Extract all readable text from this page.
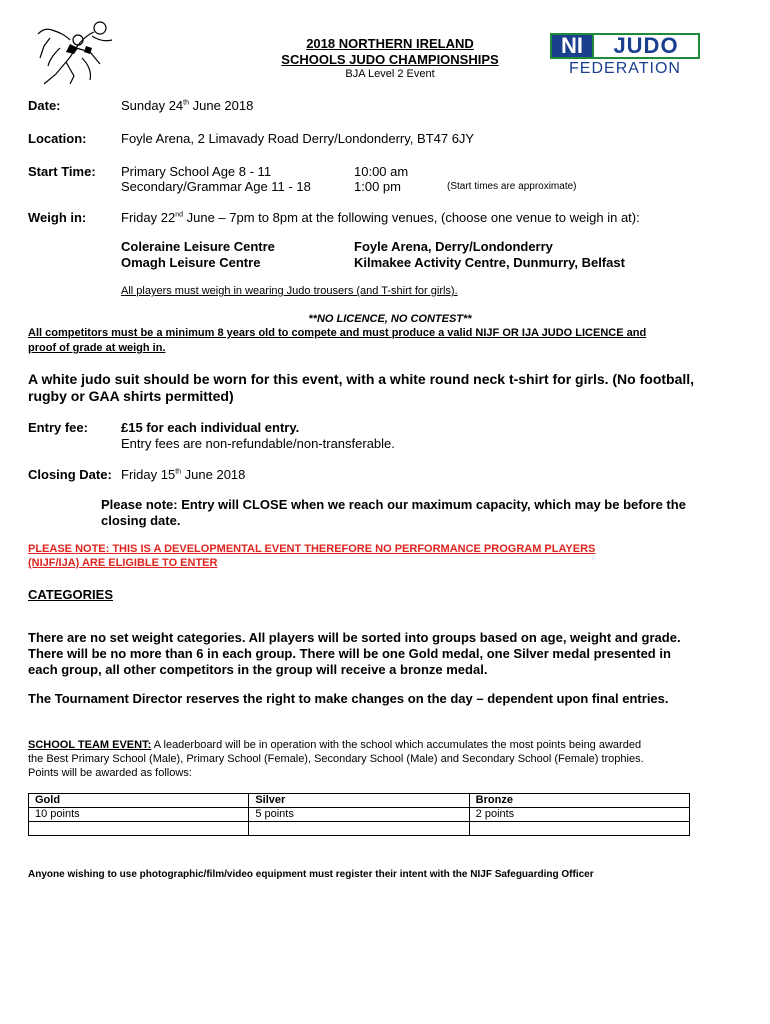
2018 NORTHERN IRELAND
SCHOOLS JUDO CHAMPIONSHIPS
BJA Level 2 Event
NI	JUDO
FEDERATION
Date:	Sunday 24th June 2018
Location:	Foyle Arena, 2 Limavady Road Derry/Londonderry, BT47 6JY
Start Time: Primary School Age 8 - 11	10:00 am
Secondary/Grammar Age 11 - 18	1:00 pm	(Start times are approximate)
Weigh in:	Friday 22nd June – 7pm to 8pm at the following venues, (choose one venue to weigh in at):
Coleraine Leisure Centre	Foyle Arena, Derry/Londonderry
Omagh Leisure Centre	Kilmakee Activity Centre, Dunmurry, Belfast
All players must weigh in wearing Judo trousers (and T-shirt for girls).
**NO LICENCE, NO CONTEST**
All competitors must be a minimum 8 years old to compete and must produce a valid NIJF OR IJA JUDO LICENCE and
proof of grade at weigh in.
A white judo suit should be worn for this event, with a white round neck t-shirt for girls. (No football,
rugby or GAA shirts permitted)
Entry fee:	£15 for each individual entry.
Entry fees are non-refundable/non-transferable.
Closing Date: Friday 15th June 2018
Please note: Entry will CLOSE when we reach our maximum capacity, which may be before the
closing date.
PLEASE NOTE: THIS IS A DEVELOPMENTAL EVENT THEREFORE NO PERFORMANCE PROGRAM PLAYERS
(NIJF/IJA) ARE ELIGIBLE TO ENTER
CATEGORIES
There are no set weight categories. All players will be sorted into groups based on age, weight and grade.
There will be no more than 6 in each group. There will be one Gold medal, one Silver medal presented in
each group, all other competitors in the group will receive a bronze medal.
The Tournament Director reserves the right to make changes on the day – dependent upon final entries.
SCHOOL TEAM EVENT: A leaderboard will be in operation with the school which accumulates the most points being awarded
the Best Primary School (Male), Primary School (Female), Secondary School (Male) and Secondary School (Female) trophies.
Points will be awarded as follows:
Gold	Silver	Bronze
10 points	5 points	2 points

Anyone wishing to use photographic/film/video equipment must register their intent with the NIJF Safeguarding Officer
